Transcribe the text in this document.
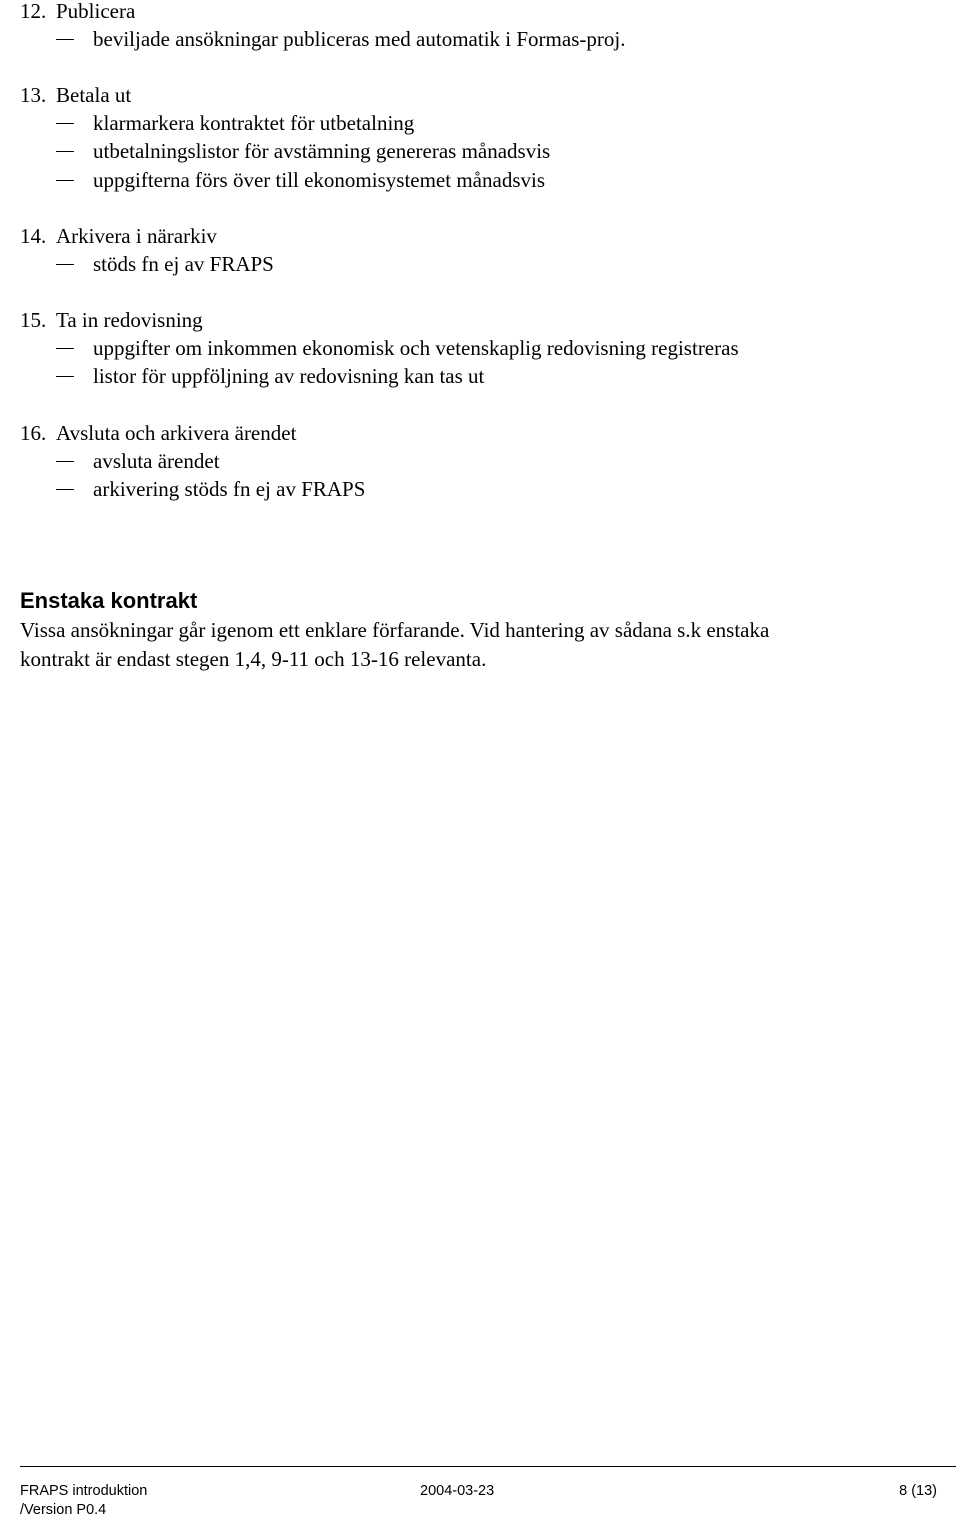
12. Publicera
beviljade ansökningar publiceras med automatik i Formas-proj.
13. Betala ut
klarmarkera kontraktet för utbetalning
utbetalningslistor för avstämning genereras månadsvis
uppgifterna förs över till ekonomisystemet månadsvis
14. Arkivera i närarkiv
stöds fn ej av FRAPS
15. Ta in redovisning
uppgifter om inkommen ekonomisk och vetenskaplig redovisning registreras
listor för uppföljning av redovisning kan tas ut
16. Avsluta och arkivera ärendet
avsluta ärendet
arkivering stöds fn ej av FRAPS
Enstaka kontrakt
Vissa ansökningar går igenom ett enklare förfarande. Vid hantering av sådana s.k enstaka
kontrakt är endast stegen 1,4, 9-11 och 13-16 relevanta.
FRAPS introduktion
/Version P0.4
2004-03-23	8 (13)
